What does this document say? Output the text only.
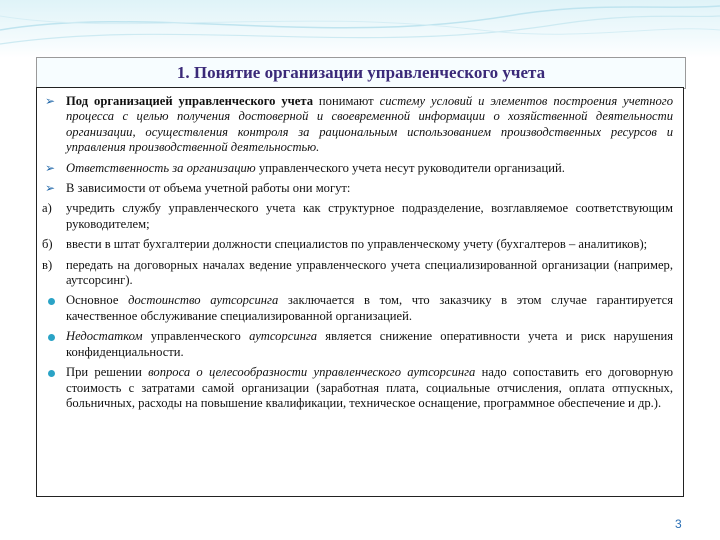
1. Понятие организации управленческого учета

➢ Под организацией управленческого учета понимают систему условий и элементов построения учетного процесса с целью получения достоверной и своевременной информации о хозяйственной деятельности организации, осуществления контроля за рациональным использованием производственных ресурсов и управления производственной деятельностью.

➢ Ответственность за организацию управленческого учета несут руководители организаций.

➢ В зависимости от объема учетной работы они могут:

а)	учредить службу управленческого учета как структурное подразделение, возглавляемое соответствующим руководителем;

б)	ввести в штат бухгалтерии должности специалистов по управленческому учету (бухгалтеров – аналитиков);

в)	передать на договорных началах ведение управленческого учета специализированной организации (например, аутсорсинг).

Основное достоинство аутсорсинга заключается в том, что заказчику в этом случае гарантируется качественное обслуживание специализированной организацией.

Недостатком управленческого аутсорсинга является снижение оперативности учета и риск нарушения конфиденциальности.

При решении вопроса о целесообразности управленческого аутсорсинга надо сопоставить его договорную стоимость с затратами самой организации (заработная плата, социальные отчисления, оплата отпускных, больничных, расходы на повышение квалификации, техническое оснащение, программное обеспечение и др.).

3
